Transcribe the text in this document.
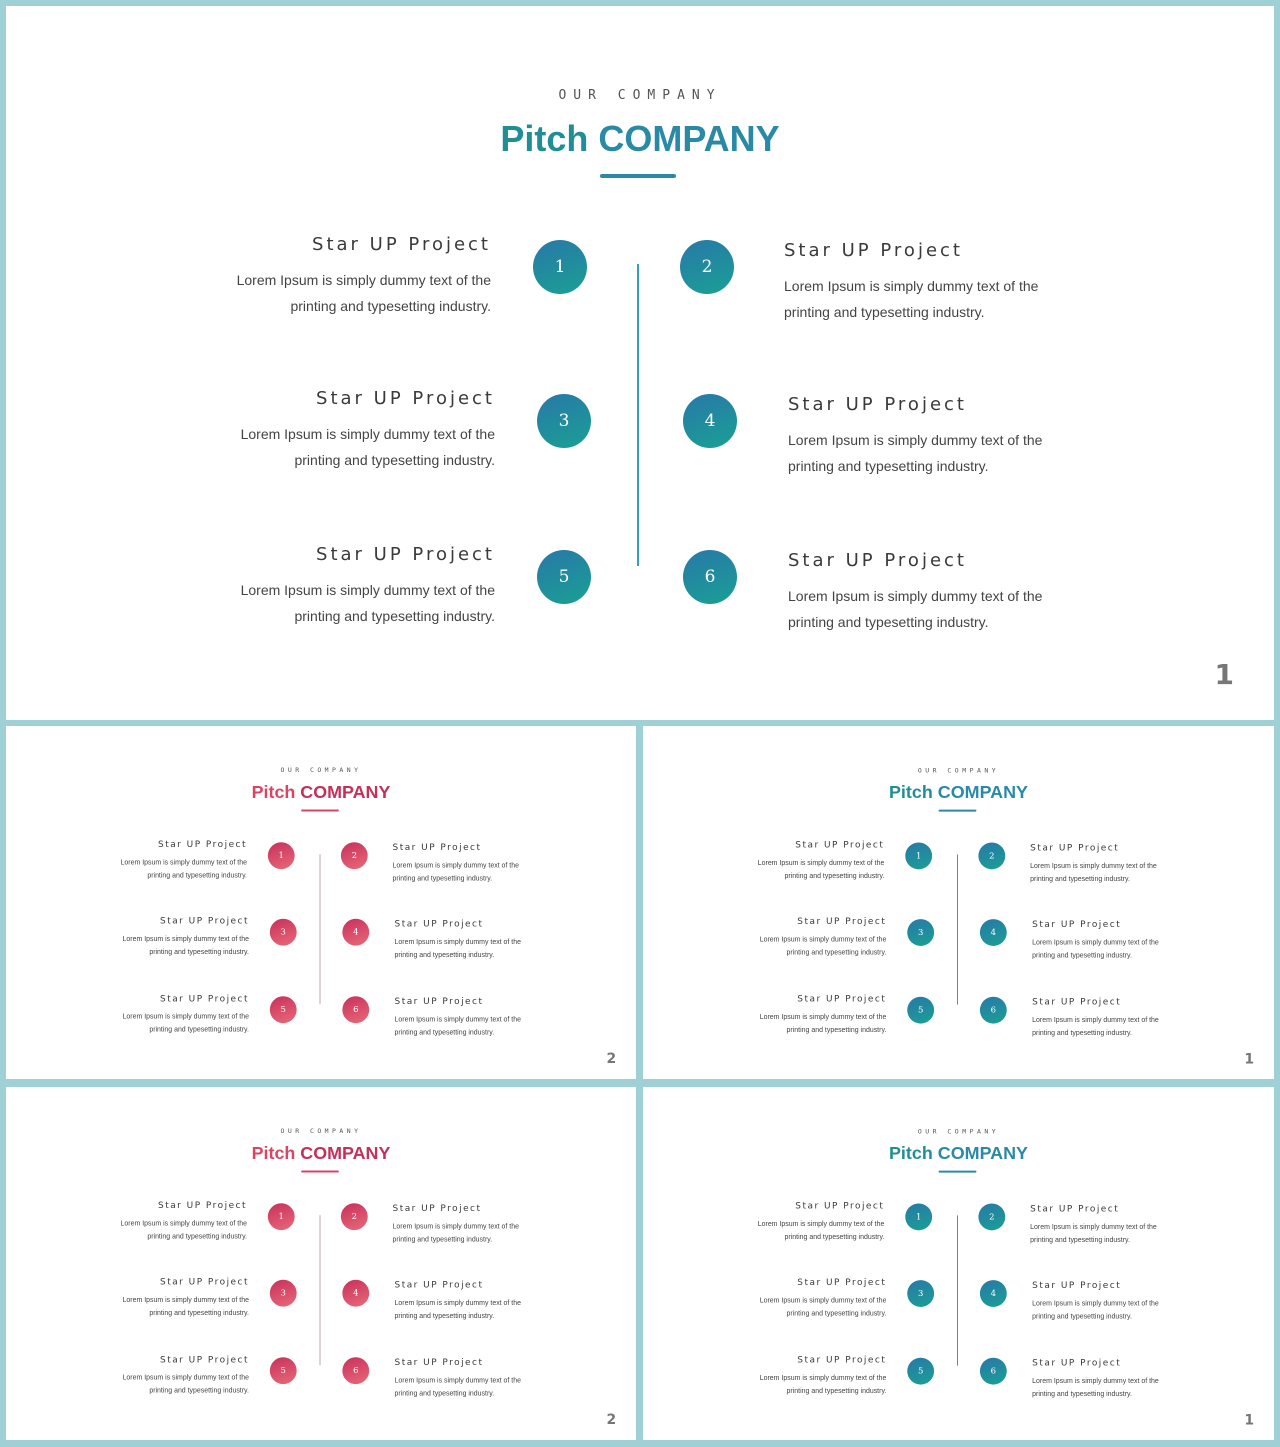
OUR COMPANY
Pitch COMPANY
1
Star UP Project
Lorem Ipsum is simply dummy text of the
printing and typesetting industry.
2
Star UP Project
Lorem Ipsum is simply dummy text of the
printing and typesetting industry.
3
Star UP Project
Lorem Ipsum is simply dummy text of the
printing and typesetting industry.
4
Star UP Project
Lorem Ipsum is simply dummy text of the
printing and typesetting industry.
5
Star UP Project
Lorem Ipsum is simply dummy text of the
printing and typesetting industry.
6
Star UP Project
Lorem Ipsum is simply dummy text of the
printing and typesetting industry.
1
OUR COMPANY
Pitch COMPANY
1
Star UP Project
Lorem Ipsum is simply dummy text of the
printing and typesetting industry.
2
Star UP Project
Lorem Ipsum is simply dummy text of the
printing and typesetting industry.
3
Star UP Project
Lorem Ipsum is simply dummy text of the
printing and typesetting industry.
4
Star UP Project
Lorem Ipsum is simply dummy text of the
printing and typesetting industry.
5
Star UP Project
Lorem Ipsum is simply dummy text of the
printing and typesetting industry.
6
Star UP Project
Lorem Ipsum is simply dummy text of the
printing and typesetting industry.
2
OUR COMPANY
Pitch COMPANY
1
Star UP Project
Lorem Ipsum is simply dummy text of the
printing and typesetting industry.
2
Star UP Project
Lorem Ipsum is simply dummy text of the
printing and typesetting industry.
3
Star UP Project
Lorem Ipsum is simply dummy text of the
printing and typesetting industry.
4
Star UP Project
Lorem Ipsum is simply dummy text of the
printing and typesetting industry.
5
Star UP Project
Lorem Ipsum is simply dummy text of the
printing and typesetting industry.
6
Star UP Project
Lorem Ipsum is simply dummy text of the
printing and typesetting industry.
1
OUR COMPANY
Pitch COMPANY
1
Star UP Project
Lorem Ipsum is simply dummy text of the
printing and typesetting industry.
2
Star UP Project
Lorem Ipsum is simply dummy text of the
printing and typesetting industry.
3
Star UP Project
Lorem Ipsum is simply dummy text of the
printing and typesetting industry.
4
Star UP Project
Lorem Ipsum is simply dummy text of the
printing and typesetting industry.
5
Star UP Project
Lorem Ipsum is simply dummy text of the
printing and typesetting industry.
6
Star UP Project
Lorem Ipsum is simply dummy text of the
printing and typesetting industry.
2
OUR COMPANY
Pitch COMPANY
1
Star UP Project
Lorem Ipsum is simply dummy text of the
printing and typesetting industry.
2
Star UP Project
Lorem Ipsum is simply dummy text of the
printing and typesetting industry.
3
Star UP Project
Lorem Ipsum is simply dummy text of the
printing and typesetting industry.
4
Star UP Project
Lorem Ipsum is simply dummy text of the
printing and typesetting industry.
5
Star UP Project
Lorem Ipsum is simply dummy text of the
printing and typesetting industry.
6
Star UP Project
Lorem Ipsum is simply dummy text of the
printing and typesetting industry.
1
